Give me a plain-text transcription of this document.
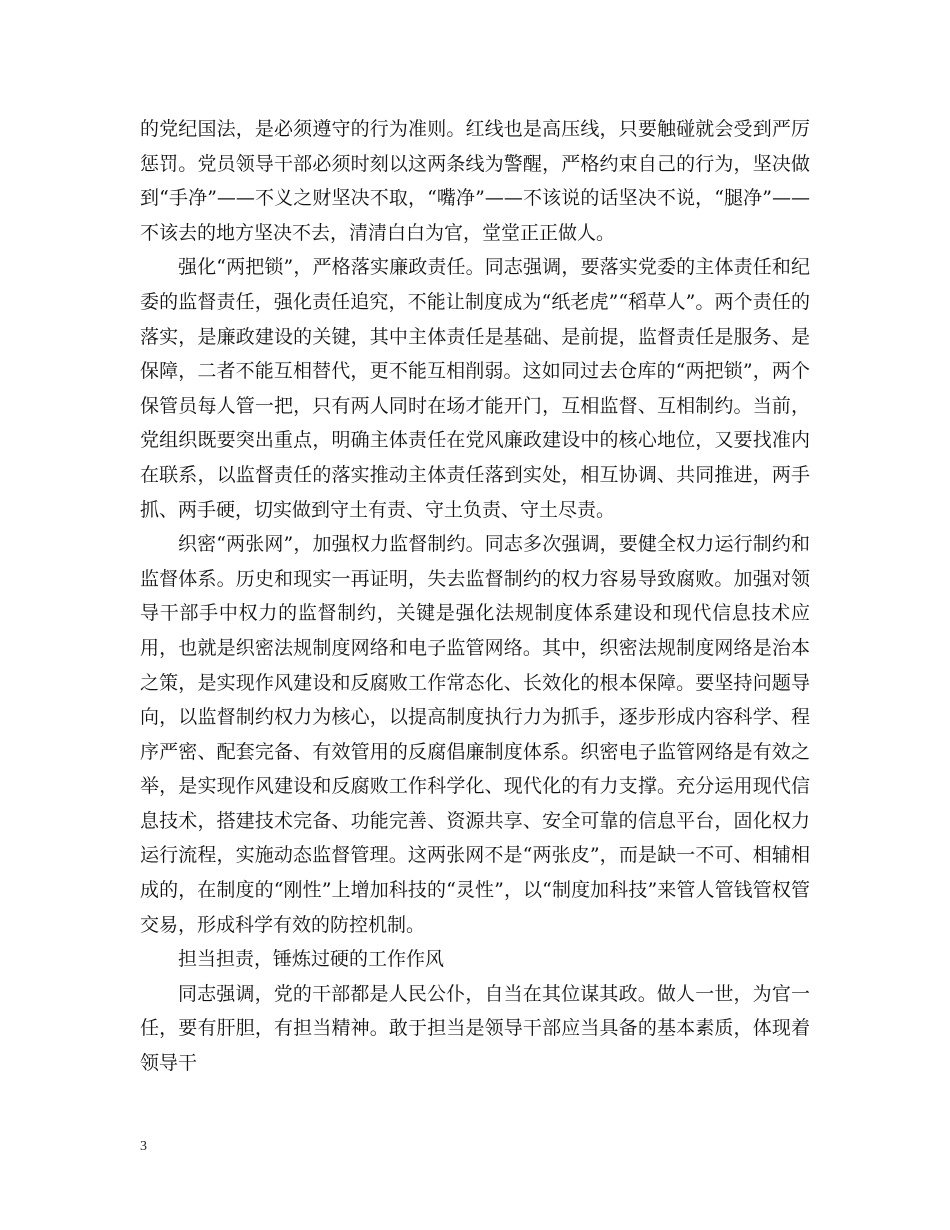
的党纪国法，是必须遵守的行为准则。红线也是高压线，只要触碰就会受到严厉惩罚。党员领导干部必须时刻以这两条线为警醒，严格约束自己的行为，坚决做到“手净”——不义之财坚决不取，“嘴净”——不该说的话坚决不说，“腿净”——不该去的地方坚决不去，清清白白为官，堂堂正正做人。

强化“两把锁”，严格落实廉政责任。同志强调，要落实党委的主体责任和纪委的监督责任，强化责任追究，不能让制度成为“纸老虎”“稻草人”。两个责任的落实，是廉政建设的关键，其中主体责任是基础、是前提，监督责任是服务、是保障，二者不能互相替代，更不能互相削弱。这如同过去仓库的“两把锁”，两个保管员每人管一把，只有两人同时在场才能开门，互相监督、互相制约。当前，党组织既要突出重点，明确主体责任在党风廉政建设中的核心地位，又要找准内在联系，以监督责任的落实推动主体责任落到实处，相互协调、共同推进，两手抓、两手硬，切实做到守土有责、守土负责、守土尽责。

织密“两张网”，加强权力监督制约。同志多次强调，要健全权力运行制约和监督体系。历史和现实一再证明，失去监督制约的权力容易导致腐败。加强对领导干部手中权力的监督制约，关键是强化法规制度体系建设和现代信息技术应用，也就是织密法规制度网络和电子监管网络。其中，织密法规制度网络是治本之策，是实现作风建设和反腐败工作常态化、长效化的根本保障。要坚持问题导向，以监督制约权力为核心，以提高制度执行力为抓手，逐步形成内容科学、程序严密、配套完备、有效管用的反腐倡廉制度体系。织密电子监管网络是有效之举，是实现作风建设和反腐败工作科学化、现代化的有力支撑。充分运用现代信息技术，搭建技术完备、功能完善、资源共享、安全可靠的信息平台，固化权力运行流程，实施动态监督管理。这两张网不是“两张皮”，而是缺一不可、相辅相成的，在制度的“刚性”上增加科技的“灵性”，以“制度加科技”来管人管钱管权管交易，形成科学有效的防控机制。

担当担责，锤炼过硬的工作作风

同志强调，党的干部都是人民公仆，自当在其位谋其政。做人一世，为官一任，要有肝胆，有担当精神。敢于担当是领导干部应当具备的基本素质，体现着领导干

3
